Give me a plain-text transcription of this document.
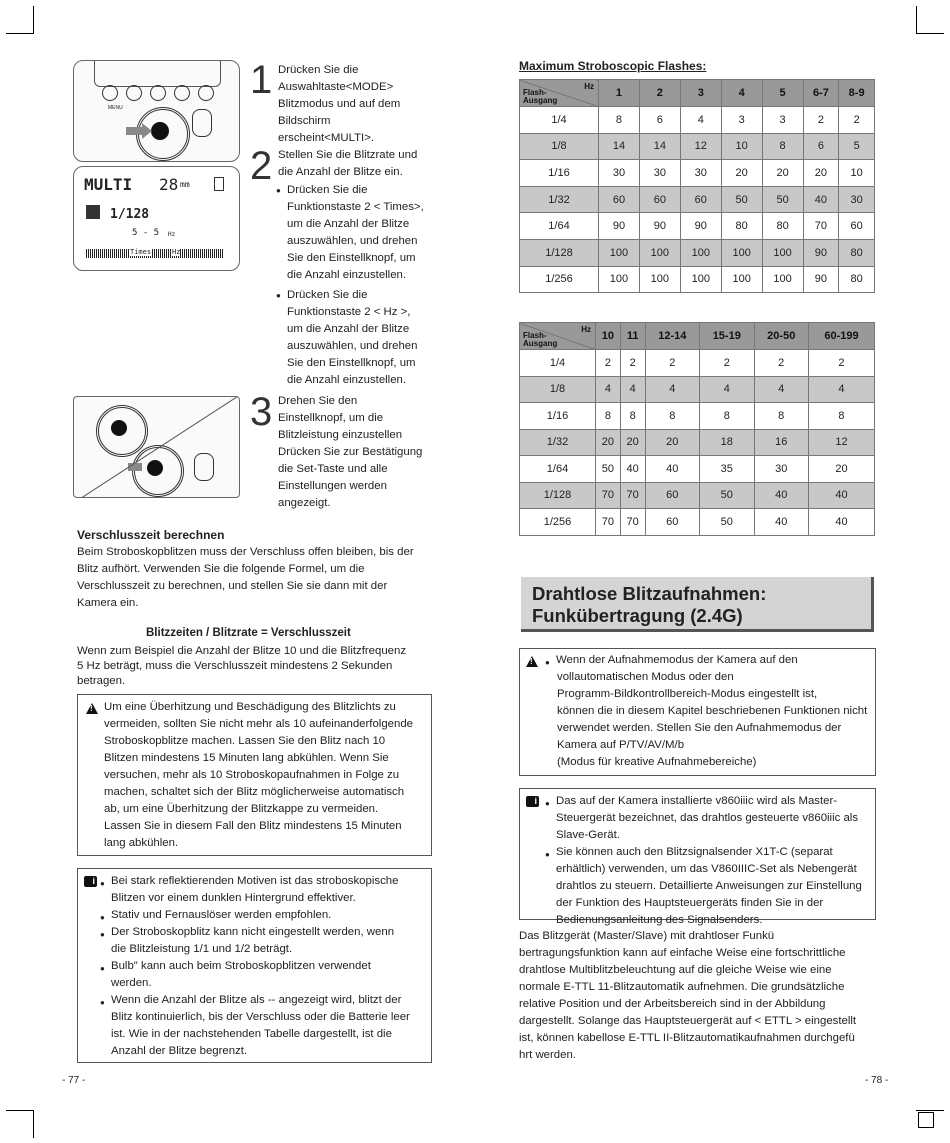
MENU
MULTI 28 mm
1/128
5 - 5 Hz
Times	Hz
1 Drücken Sie die
Auswahltaste<MODE>
Blitzmodus und auf dem
Bildschirm
erscheint<MULTI>.
2 Stellen Sie die Blitzrate und
die Anzahl der Blitze ein.
● Drücken Sie die
Funktionstaste 2 < Times>,
um die Anzahl der Blitze
auszuwählen, und drehen
Sie den Einstellknopf, um
die Anzahl einzustellen.
● Drücken Sie die
Funktionstaste 2 < Hz >,
um die Anzahl der Blitze
auszuwählen, und drehen
Sie den Einstellknopf, um
die Anzahl einzustellen.
3 Drehen Sie den
Einstellknopf, um die
Blitzleistung einzustellen
Drücken Sie zur Bestätigung
die Set-Taste und alle
Einstellungen werden
angezeigt.
Verschlusszeit berechnen
Beim Stroboskopblitzen muss der Verschluss offen bleiben, bis der
Blitz aufhört. Verwenden Sie die folgende Formel, um die
Verschlusszeit zu berechnen, und stellen Sie sie dann mit der
Kamera ein.
Blitzzeiten / Blitzrate = Verschlusszeit
Wenn zum Beispiel die Anzahl der Blitze 10 und die Blitzfrequenz
5 Hz beträgt, muss die Verschlusszeit mindestens 2 Sekunden
betragen.
!
Um eine Überhitzung und Beschädigung des Blitzlichts zu
vermeiden, sollten Sie nicht mehr als 10 aufeinanderfolgende
Stroboskopblitze machen. Lassen Sie den Blitz nach 10
Blitzen mindestens 15 Minuten lang abkühlen. Wenn Sie
versuchen, mehr als 10 Stroboskopaufnahmen in Folge zu
machen, schaltet sich der Blitz möglicherweise automatisch
ab, um eine Überhitzung der Blitzkappe zu vermeiden.
Lassen Sie in diesem Fall den Blitz mindestens 15 Minuten
lang abkühlen.
i
● Bei stark reflektierenden Motiven ist das stroboskopische
Blitzen vor einem dunklen Hintergrund effektiver.
● Stativ und Fernauslöser werden empfohlen.
● Der Stroboskopblitz kann nicht eingestellt werden, wenn
die Blitzleistung 1/1 und 1/2 beträgt.
● Bulb" kann auch beim Stroboskopblitzen verwendet
werden.
● Wenn die Anzahl der Blitze als -- angezeigt wird, blitzt der
Blitz kontinuierlich, bis der Verschluss oder die Batterie leer
ist. Wie in der nachstehenden Tabelle dargestellt, ist die
Anzahl der Blitze begrenzt.
- 77 -
Maximum Stroboscopic Flashes:
Hz
Flash-
Ausgang	1	2	3	4	5	6-7	8-9
1/4	8	6	4	3	3	2	2
1/8	14	14	12	10	8	6	5
1/16	30	30	30	20	20	20	10
1/32	60	60	60	50	50	40	30
1/64	90	90	90	80	80	70	60
1/128	100	100	100	100	100	90	80
1/256	100	100	100	100	100	90	80
Hz
Flash-
Ausgang	10	11	12-14	15-19	20-50	60-199
1/4	2	2	2	2	2	2
1/8	4	4	4	4	4	4
1/16	8	8	8	8	8	8
1/32	20	20	20	18	16	12
1/64	50	40	40	35	30	20
1/128	70	70	60	50	40	40
1/256	70	70	60	50	40	40
Drahtlose Blitzaufnahmen:
Funkübertragung (2.4G)
!
● Wenn der Aufnahmemodus der Kamera auf den
vollautomatischen Modus oder den
Programm-Bildkontrollbereich-Modus eingestellt ist,
können die in diesem Kapitel beschriebenen Funktionen nicht
verwendet werden. Stellen Sie den Aufnahmemodus der
Kamera auf P/TV/AV/M/b
(Modus für kreative Aufnahmebereiche)
i
● Das auf der Kamera installierte v860iiic wird als Master-
Steuergerät bezeichnet, das drahtlos gesteuerte v860iiic als
Slave-Gerät.
● Sie können auch den Blitzsignalsender X1T-C (separat
erhältlich) verwenden, um das V860IIIC-Set als Nebengerät
drahtlos zu steuern. Detaillierte Anweisungen zur Einstellung
der Funktion des Hauptsteuergeräts finden Sie in der
Bedienungsanleitung des Signalsenders.
Das Blitzgerät (Master/Slave) mit drahtloser Funkü
bertragungsfunktion kann auf einfache Weise eine fortschrittliche
drahtlose Multiblitzbeleuchtung auf die gleiche Weise wie eine
normale E-TTL 11-Blitzautomatik aufnehmen. Die grundsätzliche
relative Position und der Arbeitsbereich sind in der Abbildung
dargestellt. Solange das Hauptsteuergerät auf < ETTL > eingestellt
ist, können kabellose E-TTL II-Blitzautomatikaufnahmen durchgefü
hrt werden.
- 78 -
